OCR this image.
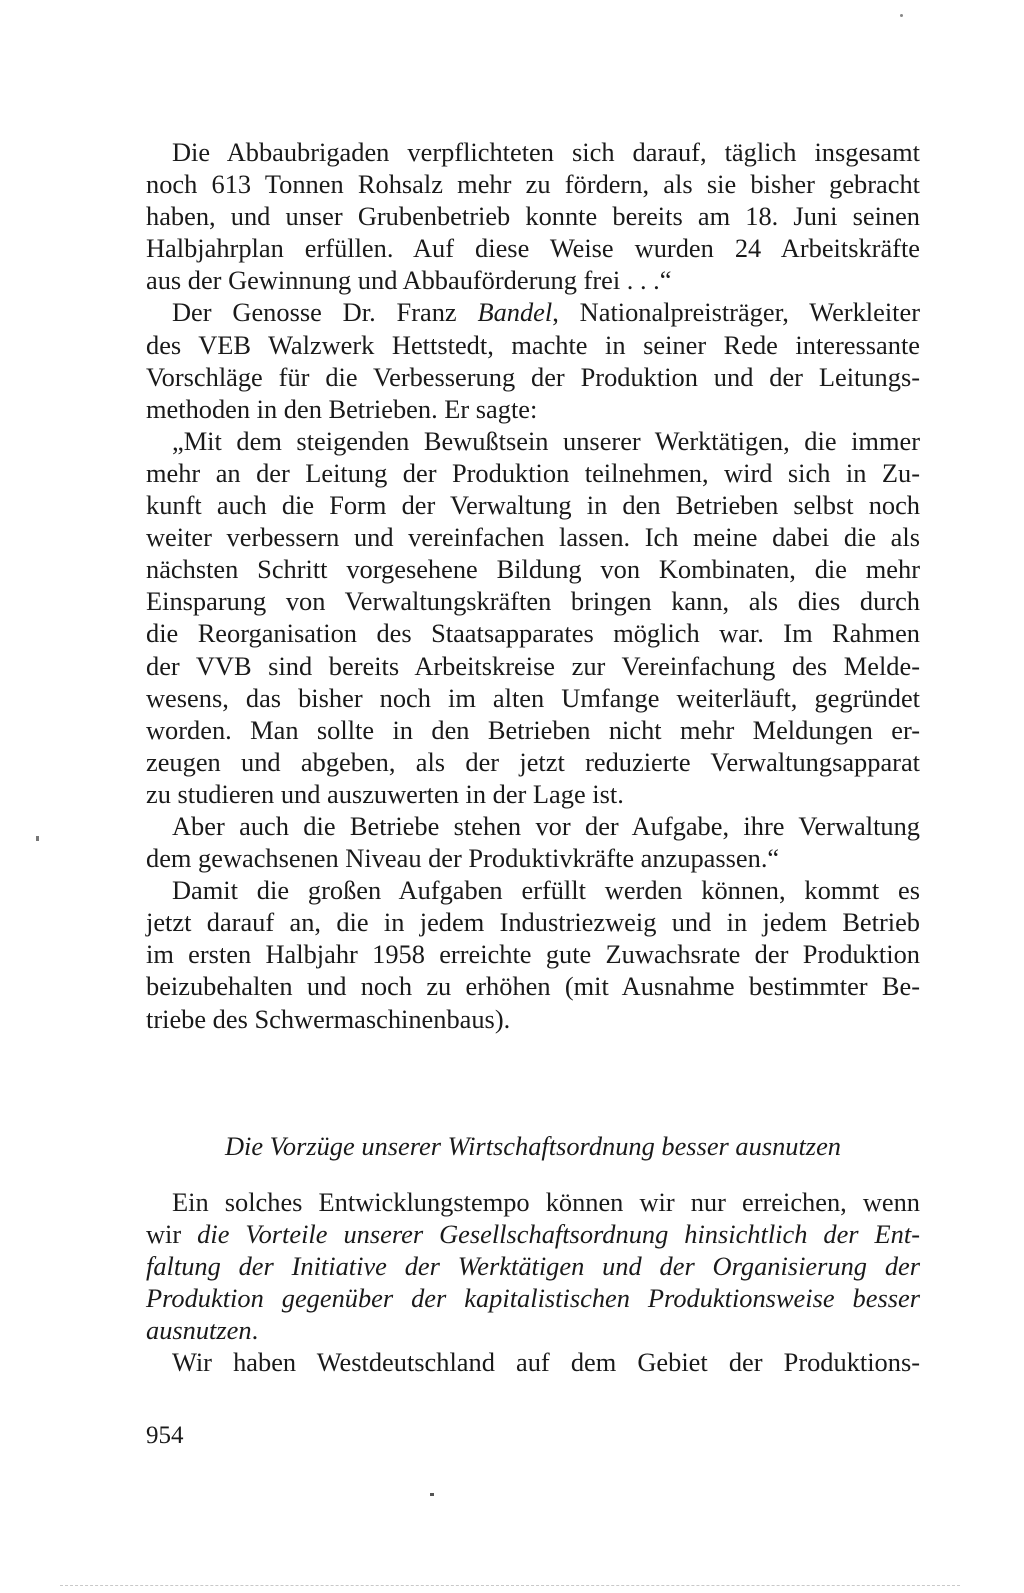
Die Abbaubrigaden verpflichteten sich darauf, täglich insgesamt
noch 613 Tonnen Rohsalz mehr zu fördern, als sie bisher gebracht
haben, und unser Grubenbetrieb konnte bereits am 18. Juni seinen
Halbjahrplan erfüllen. Auf diese Weise wurden 24 Arbeitskräfte
aus der Gewinnung und Abbauförderung frei . . .“
Der Genosse Dr. Franz Bandel, Nationalpreisträger, Werkleiter
des VEB Walzwerk Hettstedt, machte in seiner Rede interessante
Vorschläge für die Verbesserung der Produktion und der Leitungs-
methoden in den Betrieben. Er sagte:
„Mit dem steigenden Bewußtsein unserer Werktätigen, die immer
mehr an der Leitung der Produktion teilnehmen, wird sich in Zu-
kunft auch die Form der Verwaltung in den Betrieben selbst noch
weiter verbessern und vereinfachen lassen. Ich meine dabei die als
nächsten Schritt vorgesehene Bildung von Kombinaten, die mehr
Einsparung von Verwaltungskräften bringen kann, als dies durch
die Reorganisation des Staatsapparates möglich war. Im Rahmen
der VVB sind bereits Arbeitskreise zur Vereinfachung des Melde-
wesens, das bisher noch im alten Umfange weiterläuft, gegründet
worden. Man sollte in den Betrieben nicht mehr Meldungen er-
zeugen und abgeben, als der jetzt reduzierte Verwaltungsapparat
zu studieren und auszuwerten in der Lage ist.
Aber auch die Betriebe stehen vor der Aufgabe, ihre Verwaltung
dem gewachsenen Niveau der Produktivkräfte anzupassen.“
Damit die großen Aufgaben erfüllt werden können, kommt es
jetzt darauf an, die in jedem Industriezweig und in jedem Betrieb
im ersten Halbjahr 1958 erreichte gute Zuwachsrate der Produktion
beizubehalten und noch zu erhöhen (mit Ausnahme bestimmter Be-
triebe des Schwermaschinenbaus).
Die Vorzüge unserer Wirtschaftsordnung besser ausnutzen
Ein solches Entwicklungstempo können wir nur erreichen, wenn
wir die Vorteile unserer Gesellschaftsordnung hinsichtlich der Ent-
faltung der Initiative der Werktätigen und der Organisierung der
Produktion gegenüber der kapitalistischen Produktionsweise besser
ausnutzen.
Wir haben Westdeutschland auf dem Gebiet der Produktions-
954
